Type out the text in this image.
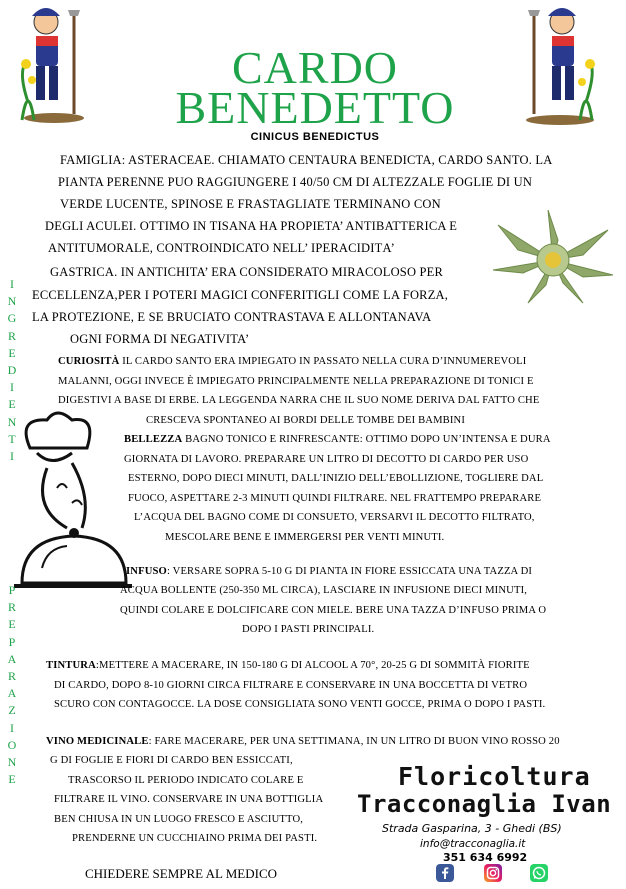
CARDO
BENEDETTO
CINICUS BENEDICTUS
I
N
G
R
E
D
I
E
N
T
I
P
R
E
P
A
R
A
Z
I
O
N
E
FAMIGLIA: ASTERACEAE. CHIAMATO CENTAURA BENEDICTA, CARDO SANTO. LA
PIANTA PERENNE PUO RAGGIUNGERE I 40/50 CM DI ALTEZZALE FOGLIE DI UN
VERDE LUCENTE, SPINOSE E FRASTAGLIATE TERMINANO CON
DEGLI ACULEI. OTTIMO IN TISANA HA PROPIETA’ ANTIBATTERICA E
ANTITUMORALE, CONTROINDICATO NELL’ IPERACIDITА’
GASTRICA. IN ANTICHITA’ ERA CONSIDERATO MIRACOLOSO PER
ECCELLENZA,PER I POTERI MAGICI CONFERITIGLI COME LA FORZA,
LA PROTEZIONE, E SE BRUCIATO CONTRASTAVA E ALLONTANAVA
OGNI FORMA DI NEGATIVITA’
CURIOSITÀ IL CARDO SANTO ERA IMPIEGATO IN PASSATO NELLA CURA D’INNUMEREVOLI
MALANNI, OGGI INVECE È IMPIEGATO PRINCIPALMENTE NELLA PREPARAZIONE DI TONICI E
DIGESTIVI A BASE DI ERBE. LA LEGGENDA NARRA CHE IL SUO NOME DERIVA DAL FATTO CHE
CRESCEVA SPONTANEO AI BORDI DELLE TOMBE DEI BAMBINI
BELLEZZA BAGNO TONICO E RINFRESCANTE: OTTIMO DOPO UN’INTENSA E DURA
GIORNATA DI LAVORO. PREPARARE UN LITRO DI DECOTTO DI CARDO PER USO
ESTERNO, DOPO DIECI MINUTI, DALL’INIZIO DELL’EBOLLIZIONE, TOGLIERE DAL
FUOCO, ASPETTARE 2-3 MINUTI QUINDI FILTRARE. NEL FRATTEMPO PREPARARE
L’ACQUA DEL BAGNO COME DI CONSUETO, VERSARVI IL DECOTTO FILTRATO,
MESCOLARE BENE E IMMERGERSI PER VENTI MINUTI.
INFUSO: VERSARE SOPRA 5-10 G DI PIANTA IN FIORE ESSICCATA UNA TAZZA DI
ACQUA BOLLENTE (250-350 ML CIRCA), LASCIARE IN INFUSIONE DIECI MINUTI,
QUINDI COLARE E DOLCIFICARE CON MIELE. BERE UNA TAZZA D’INFUSO PRIMA O
DOPO I PASTI PRINCIPALI.
TINTURA:METTERE A MACERARE, IN 150-180 G DI ALCOOL A 70°, 20-25 G DI SOMMITÀ FIORITE
DI CARDO, DOPO 8-10 GIORNI CIRCA FILTRARE E CONSERVARE IN UNA BOCCETTA DI VETRO
SCURO CON CONTAGOCCE. LA DOSE CONSIGLIATA SONO VENTI GOCCE, PRIMA O DOPO I PASTI.
VINO MEDICINALE: FARE MACERARE, PER UNA SETTIMANA, IN UN LITRO DI BUON VINO ROSSO 20
G DI FOGLIE E FIORI DI CARDO BEN ESSICCATI,
TRASCORSO IL PERIODO INDICATO COLARE E
FILTRARE IL VINO. CONSERVARE IN UNA BOTTIGLIA
BEN CHIUSA IN UN LUOGO FRESCO E ASCIUTTO,
PRENDERNE UN CUCCHIAINO PRIMA DEI PASTI.
Floricoltura
Tracconaglia Ivan
Strada Gasparina, 3 - Ghedi (BS)
info@tracconaglia.it
351 634 6992
CHIEDERE SEMPRE AL MEDICO
